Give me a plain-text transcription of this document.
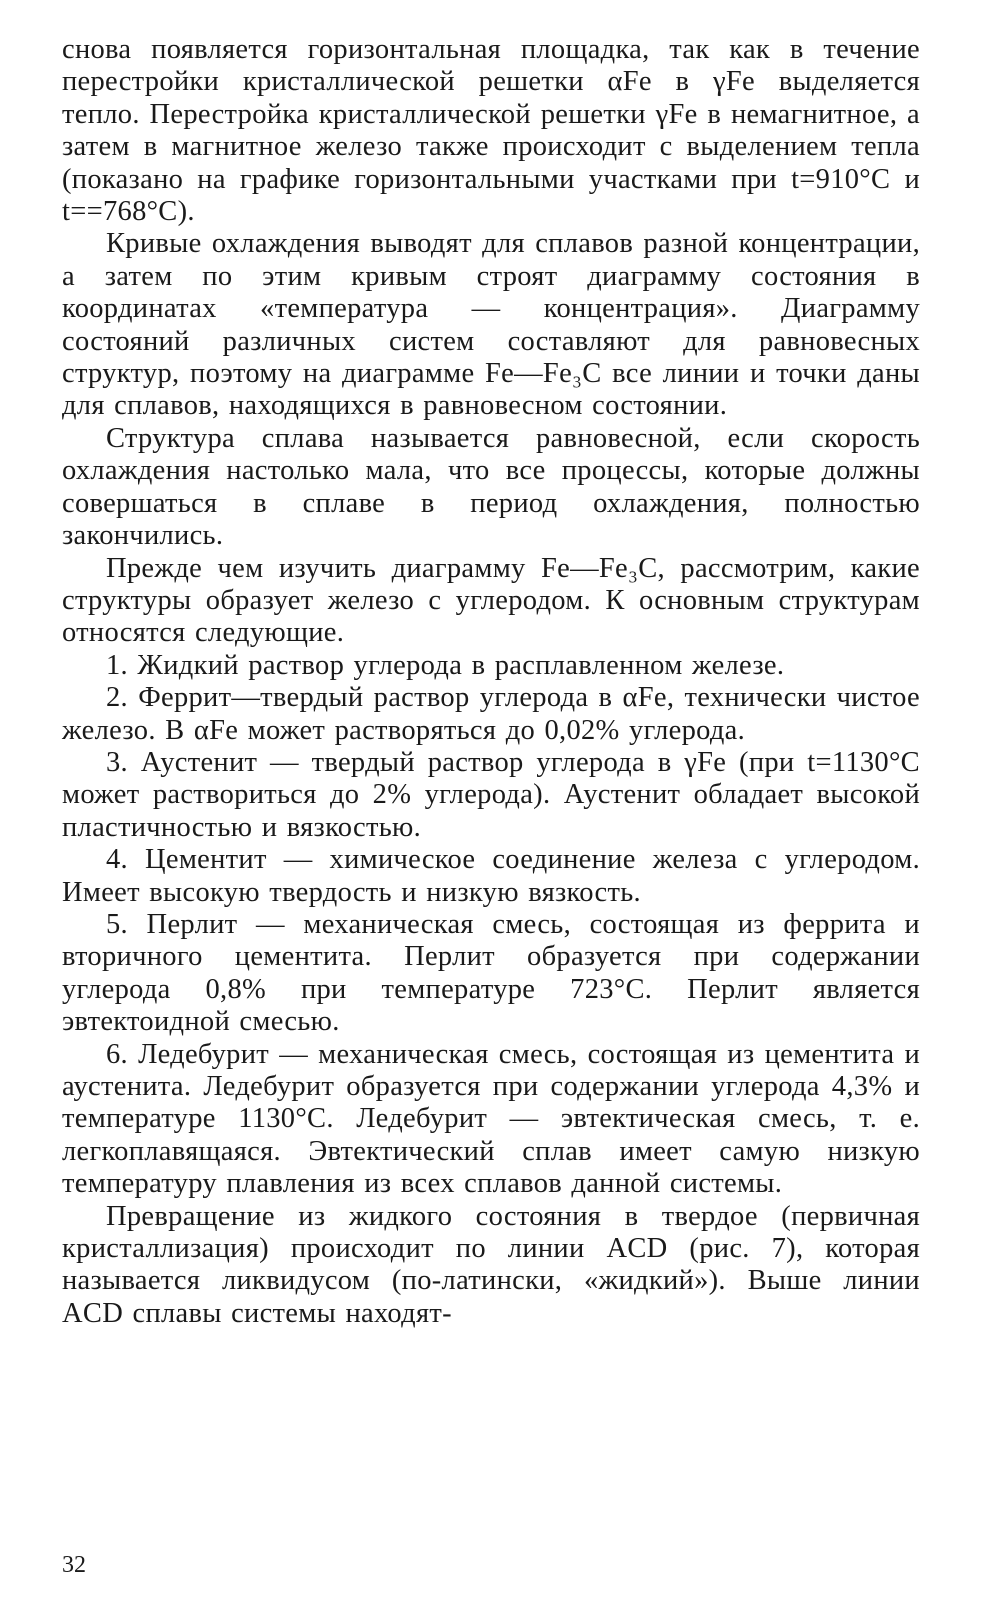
снова появляется горизонтальная площадка, так как в течение перестройки кристаллической решетки αFe в γFe выделяется тепло. Перестройка кристаллической решетки γFe в немагнитное, а затем в магнитное железо также происходит с выделением тепла (показано на графике горизонтальными участками при t=910°C и t==768°C).

Кривые охлаждения выводят для сплавов разной концентрации, а затем по этим кривым строят диаграмму состояния в координатах «температура — концентрация». Диаграмму состояний различных систем составляют для равновесных структур, поэтому на диаграмме Fe—Fe₃C все линии и точки даны для сплавов, находящихся в равновесном состоянии.

Структура сплава называется равновесной, если скорость охлаждения настолько мала, что все процессы, которые должны совершаться в сплаве в период охлаждения, полностью закончились.

Прежде чем изучить диаграмму Fe—Fe₃C, рассмотрим, какие структуры образует железо с углеродом. К основным структурам относятся следующие.

1. Жидкий раствор углерода в расплавленном железе.

2. Феррит—твердый раствор углерода в αFe, технически чистое железо. В αFe может растворяться до 0,02% углерода.

3. Аустенит — твердый раствор углерода в γFe (при t=1130°C может раствориться до 2% углерода). Аустенит обладает высокой пластичностью и вязкостью.

4. Цементит — химическое соединение железа с углеродом. Имеет высокую твердость и низкую вязкость.

5. Перлит — механическая смесь, состоящая из феррита и вторичного цементита. Перлит образуется при содержании углерода 0,8% при температуре 723°C. Перлит является эвтектоидной смесью.

6. Ледебурит — механическая смесь, состоящая из цементита и аустенита. Ледебурит образуется при содержании углерода 4,3% и температуре 1130°C. Ледебурит — эвтектическая смесь, т. е. легкоплавящаяся. Эвтектический сплав имеет самую низкую температуру плавления из всех сплавов данной системы.

Превращение из жидкого состояния в твердое (первичная кристаллизация) происходит по линии ACD (рис. 7), которая называется ликвидусом (по-латински, «жидкий»). Выше линии ACD сплавы системы находят-

32
